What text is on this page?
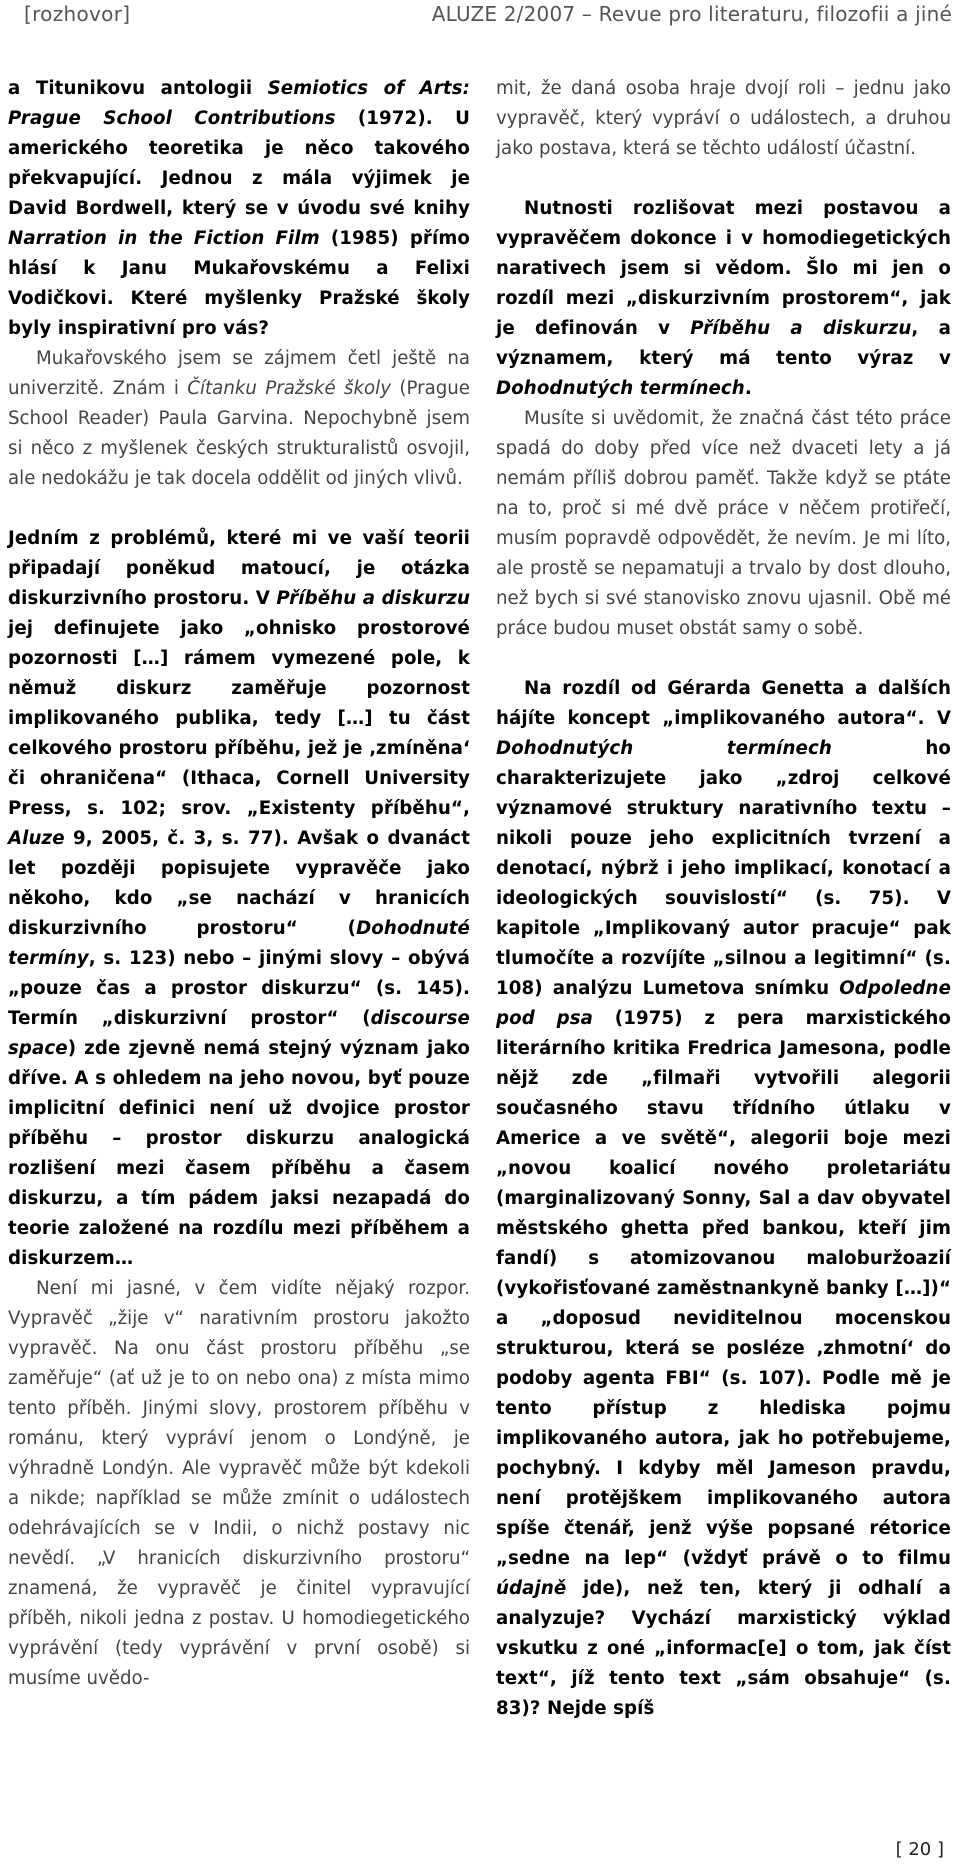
[rozhovor]	ALUZE 2/2007 – Revue pro literaturu, filozofii a jiné

a Titunikovu antologii Semiotics of Arts: Prague School Contributions (1972). U amerického teoretika je něco takového překvapující. Jednou z mála výjimek je David Bordwell, který se v úvodu své knihy Narration in the Fiction Film (1985) přímo hlásí k Janu Mukařovskému a Felixi Vodičkovi. Které myšlenky Pražské školy byly inspirativní pro vás?

Mukařovského jsem se zájmem četl ještě na univerzitě. Znám i Čítanku Pražské školy (Prague School Reader) Paula Garvina. Nepochybně jsem si něco z myšlenek českých strukturalistů osvojil, ale nedokážu je tak docela oddělit od jiných vlivů.

Jedním z problémů, které mi ve vaší teorii připadají poněkud matoucí, je otázka diskurzivního prostoru. V Příběhu a diskurzu jej definujete jako „ohnisko prostorové pozornosti […] rámem vymezené pole, k němuž diskurz zaměřuje pozornost implikovaného publika, tedy […] tu část celkového prostoru příběhu, jež je ‚zmíněna‘ či ohraničena“ (Ithaca, Cornell University Press, s. 102; srov. „Existenty příběhu“, Aluze 9, 2005, č. 3, s. 77). Avšak o dvanáct let později popisujete vypravěče jako někoho, kdo „se nachází v hranicích diskurzivního prostoru“ (Dohodnuté termíny, s. 123) nebo – jinými slovy – obývá „pouze čas a prostor diskurzu“ (s. 145). Termín „diskurzivní prostor“ (discourse space) zde zjevně nemá stejný význam jako dříve. A s ohledem na jeho novou, byť pouze implicitní definici není už dvojice prostor příběhu – prostor diskurzu analogická rozlišení mezi časem příběhu a časem diskurzu, a tím pádem jaksi nezapadá do teorie založené na rozdílu mezi příběhem a diskurzem…

Není mi jasné, v čem vidíte nějaký rozpor. Vypravěč „žije v“ narativním prostoru jakožto vypravěč. Na onu část prostoru příběhu „se zaměřuje“ (ať už je to on nebo ona) z místa mimo tento příběh. Jinými slovy, prostorem příběhu v románu, který vypráví jenom o Londýně, je výhradně Londýn. Ale vypravěč může být kdekoli a nikde; například se může zmínit o událostech odehrávajících se v Indii, o nichž postavy nic nevědí. „V hranicích diskurzivního prostoru“ znamená, že vypravěč je činitel vypravující příběh, nikoli jedna z postav. U homodiegetického vyprávění (tedy vyprávění v první osobě) si musíme uvědo-

mit, že daná osoba hraje dvojí roli – jednu jako vypravěč, který vypráví o událostech, a druhou jako postava, která se těchto událostí účastní.

Nutnosti rozlišovat mezi postavou a vypravěčem dokonce i v homodiegetických narativech jsem si vědom. Šlo mi jen o rozdíl mezi „diskurzivním prostorem“, jak je definován v Příběhu a diskurzu, a významem, který má tento výraz v Dohodnutých termínech.

Musíte si uvědomit, že značná část této práce spadá do doby před více než dvaceti lety a já nemám příliš dobrou paměť. Takže když se ptáte na to, proč si mé dvě práce v něčem protiřečí, musím popravdě odpovědět, že nevím. Je mi líto, ale prostě se nepamatuji a trvalo by dost dlouho, než bych si své stanovisko znovu ujasnil. Obě mé práce budou muset obstát samy o sobě.

Na rozdíl od Gérarda Genetta a dalších hájíte koncept „implikovaného autora“. V Dohodnutých termínech ho charakterizujete jako „zdroj celkové významové struktury narativního textu – nikoli pouze jeho explicitních tvrzení a denotací, nýbrž i jeho implikací, konotací a ideologických souvislostí“ (s. 75). V kapitole „Implikovaný autor pracuje“ pak tlumočíte a rozvíjíte „silnou a legitimní“ (s. 108) analýzu Lumetova snímku Odpoledne pod psa (1975) z pera marxistického literárního kritika Fredrica Jamesona, podle nějž zde „filmaři vytvořili alegorii současného stavu třídního útlaku v Americe a ve světě“, alegorii boje mezi „novou koalicí nového proletariátu (marginalizovaný Sonny, Sal a dav obyvatel městského ghetta před bankou, kteří jim fandí) s atomizovanou maloburžoazií (vykořisťované zaměstnankyně banky […])“ a „doposud neviditelnou mocenskou strukturou, která se posléze ‚zhmotní‘ do podoby agenta FBI“ (s. 107). Podle mě je tento přístup z hlediska pojmu implikovaného autora, jak ho potřebujeme, pochybný. I kdyby měl Jameson pravdu, není protějškem implikovaného autora spíše čtenář, jenž výše popsané rétorice „sedne na lep“ (vždyť právě o to filmu údajně jde), než ten, který ji odhalí a analyzuje? Vychází marxistický výklad vskutku z oné „informac[e] o tom, jak číst text“, jíž tento text „sám obsahuje“ (s. 83)? Nejde spíš

[ 20 ]
